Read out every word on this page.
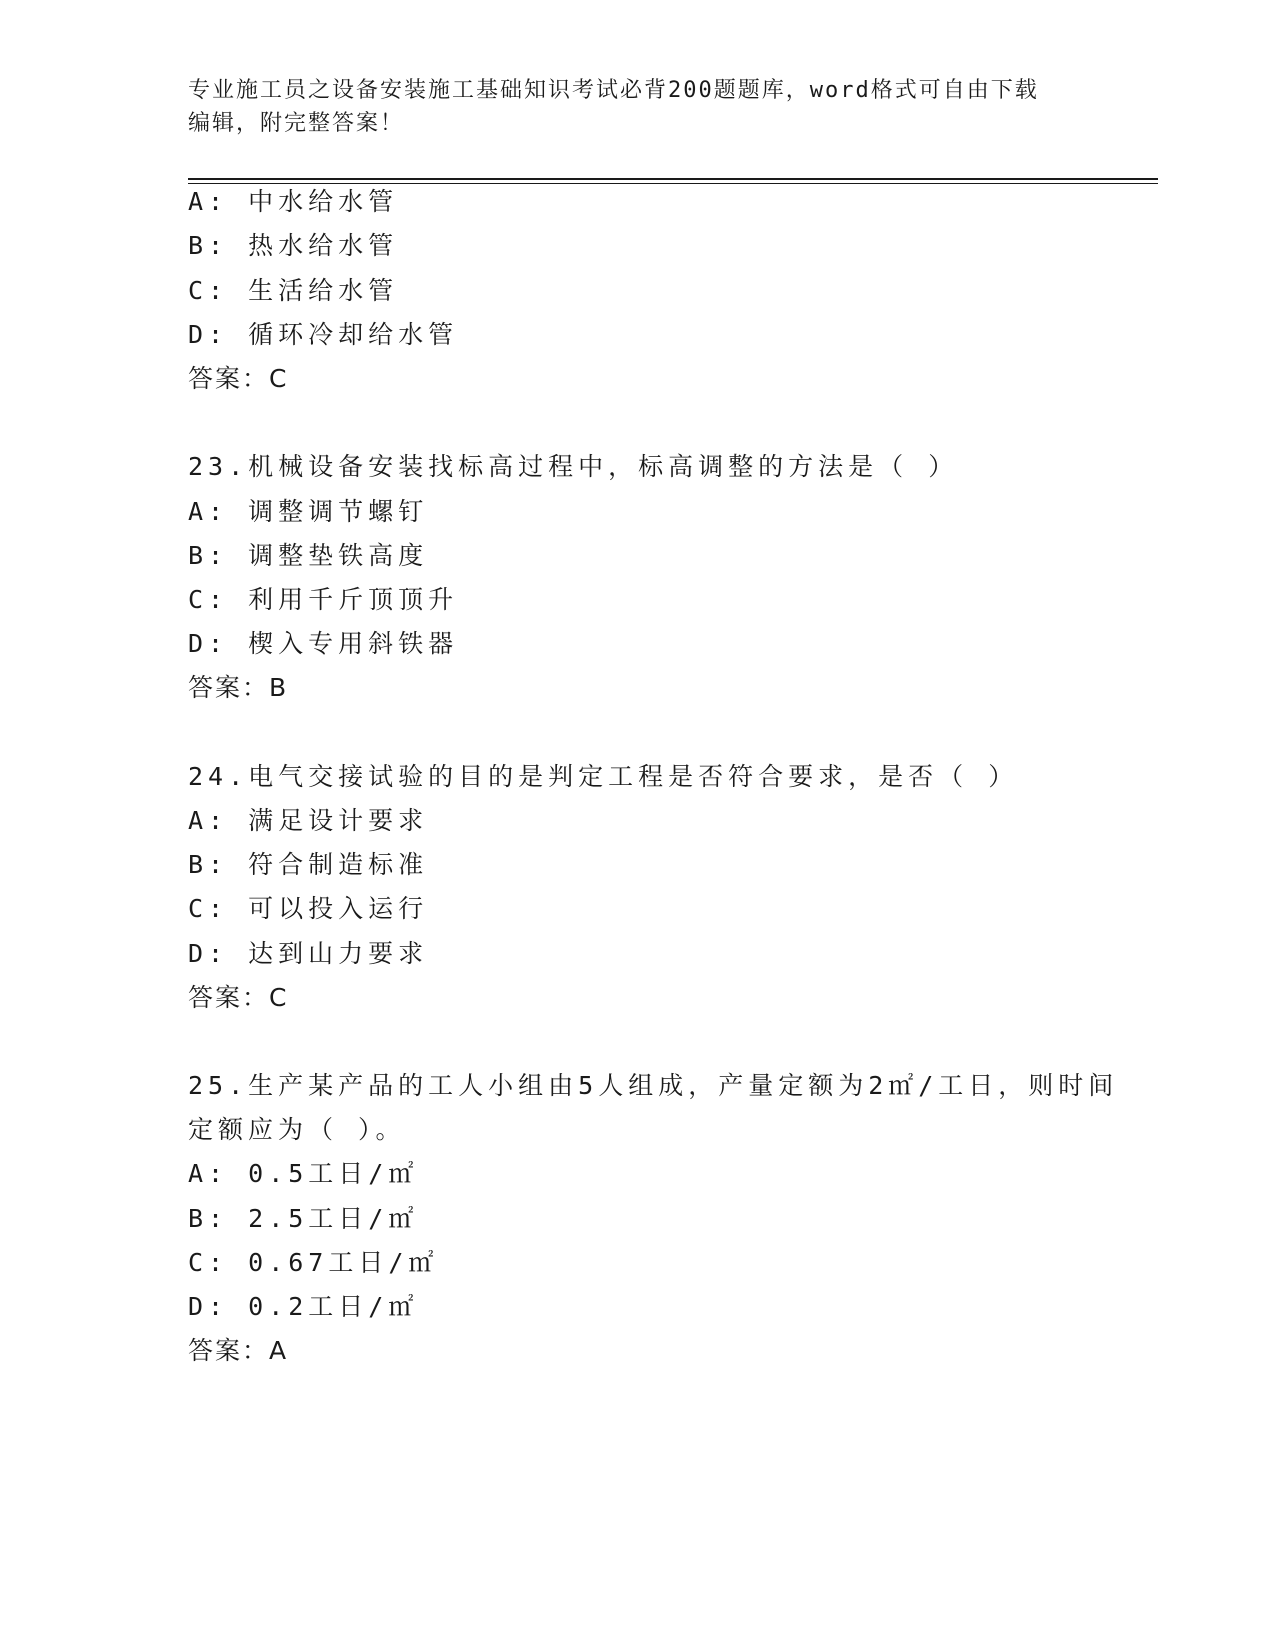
专业施工员之设备安装施工基础知识考试必背200题题库，word格式可自由下载
编辑，附完整答案！
A: 中水给水管
B: 热水给水管
C: 生活给水管
D: 循环冷却给水管
答案：C
23.机械设备安装找标高过程中，标高调整的方法是（ ）
A: 调整调节螺钉
B: 调整垫铁高度
C: 利用千斤顶顶升
D: 楔入专用斜铁器
答案：B
24.电气交接试验的目的是判定工程是否符合要求，是否（ ）
A: 满足设计要求
B: 符合制造标准
C: 可以投入运行
D: 达到山力要求
答案：C
25.生产某产品的工人小组由5人组成，产量定额为2㎡/工日，则时间
定额应为（ ）。
A: 0.5工日/㎡
B: 2.5工日/㎡
C: 0.67工日/㎡
D: 0.2工日/㎡
答案：A
